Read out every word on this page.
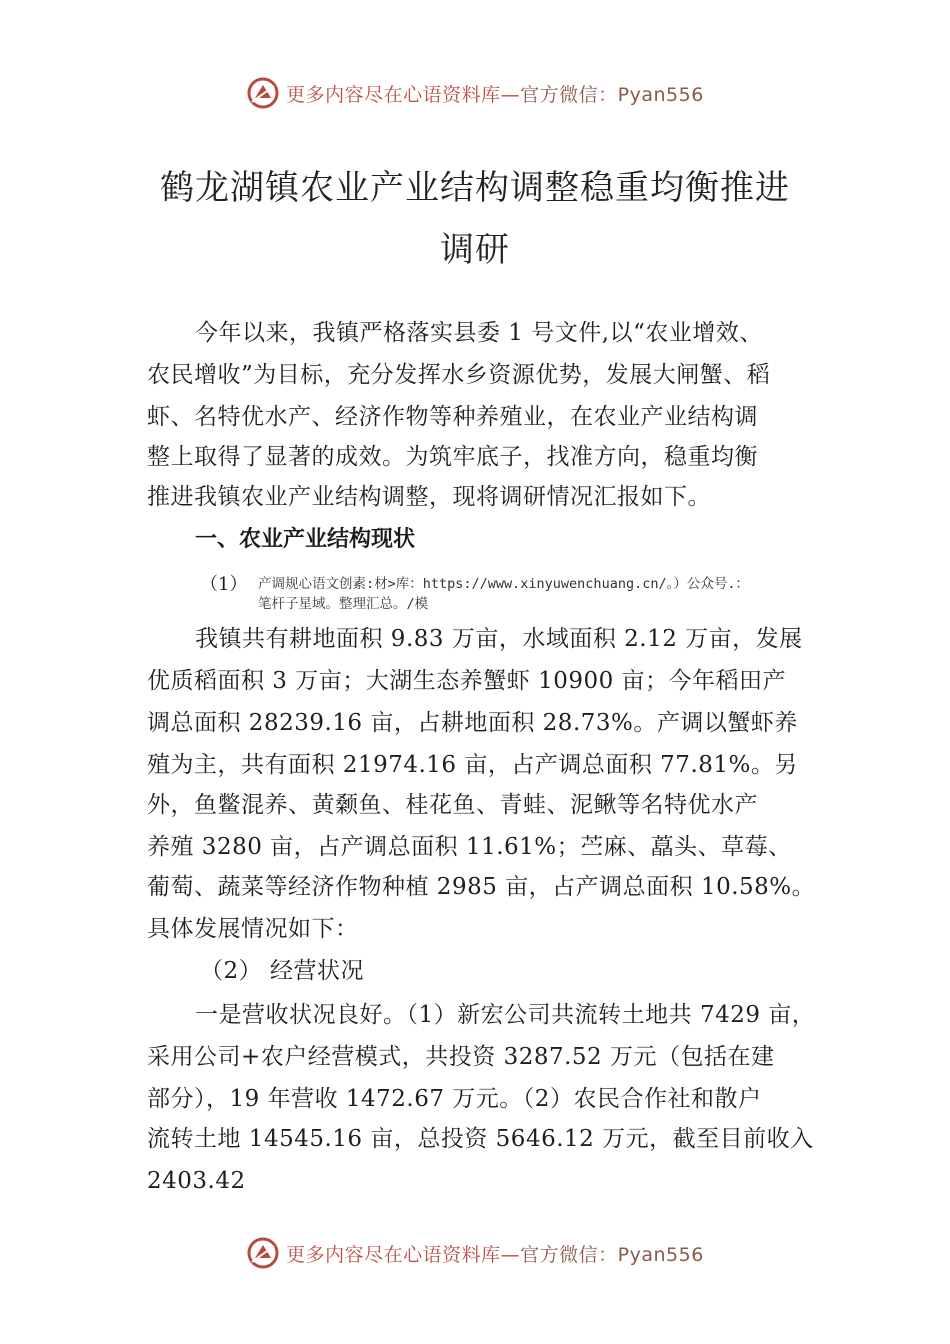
更多内容尽在心语资料库—官方微信：Pyan556
鹤龙湖镇农业产业结构调整稳重均衡推进
调研
今年以来，我镇严格落实县委 1 号文件,以“农业增效、
农民增收”为目标，充分发挥水乡资源优势，发展大闸蟹、稻
虾、名特优水产、经济作物等种养殖业，在农业产业结构调
整上取得了显著的成效。为筑牢底子，找准方向，稳重均衡
推进我镇农业产业结构调整，现将调研情况汇报如下。
一、农业产业结构现状
（1） 产调规心语文创素:材>库：https://www.xinyuwenchuang.cn/。）公众号.：
笔杆子星域。整理汇总。/模
我镇共有耕地面积 9.83 万亩，水域面积 2.12 万亩，发展
优质稻面积 3 万亩；大湖生态养蟹虾 10900 亩；今年稻田产
调总面积 28239.16 亩，占耕地面积 28.73%。产调以蟹虾养
殖为主，共有面积 21974.16 亩，占产调总面积 77.81%。另
外，鱼鳖混养、黄颡鱼、桂花鱼、青蛙、泥鳅等名特优水产
养殖 3280 亩，占产调总面积 11.61%；苎麻、藠头、草莓、
葡萄、蔬菜等经济作物种植 2985 亩，占产调总面积 10.58%。
具体发展情况如下：
（2） 经营状况
一是营收状况良好。（1）新宏公司共流转土地共 7429 亩，
采用公司+农户经营模式，共投资 3287.52 万元（包括在建
部分），19 年营收 1472.67 万元。（2）农民合作社和散户
流转土地 14545.16 亩，总投资 5646.12 万元，截至目前收入
2403.42
更多内容尽在心语资料库—官方微信：Pyan556
